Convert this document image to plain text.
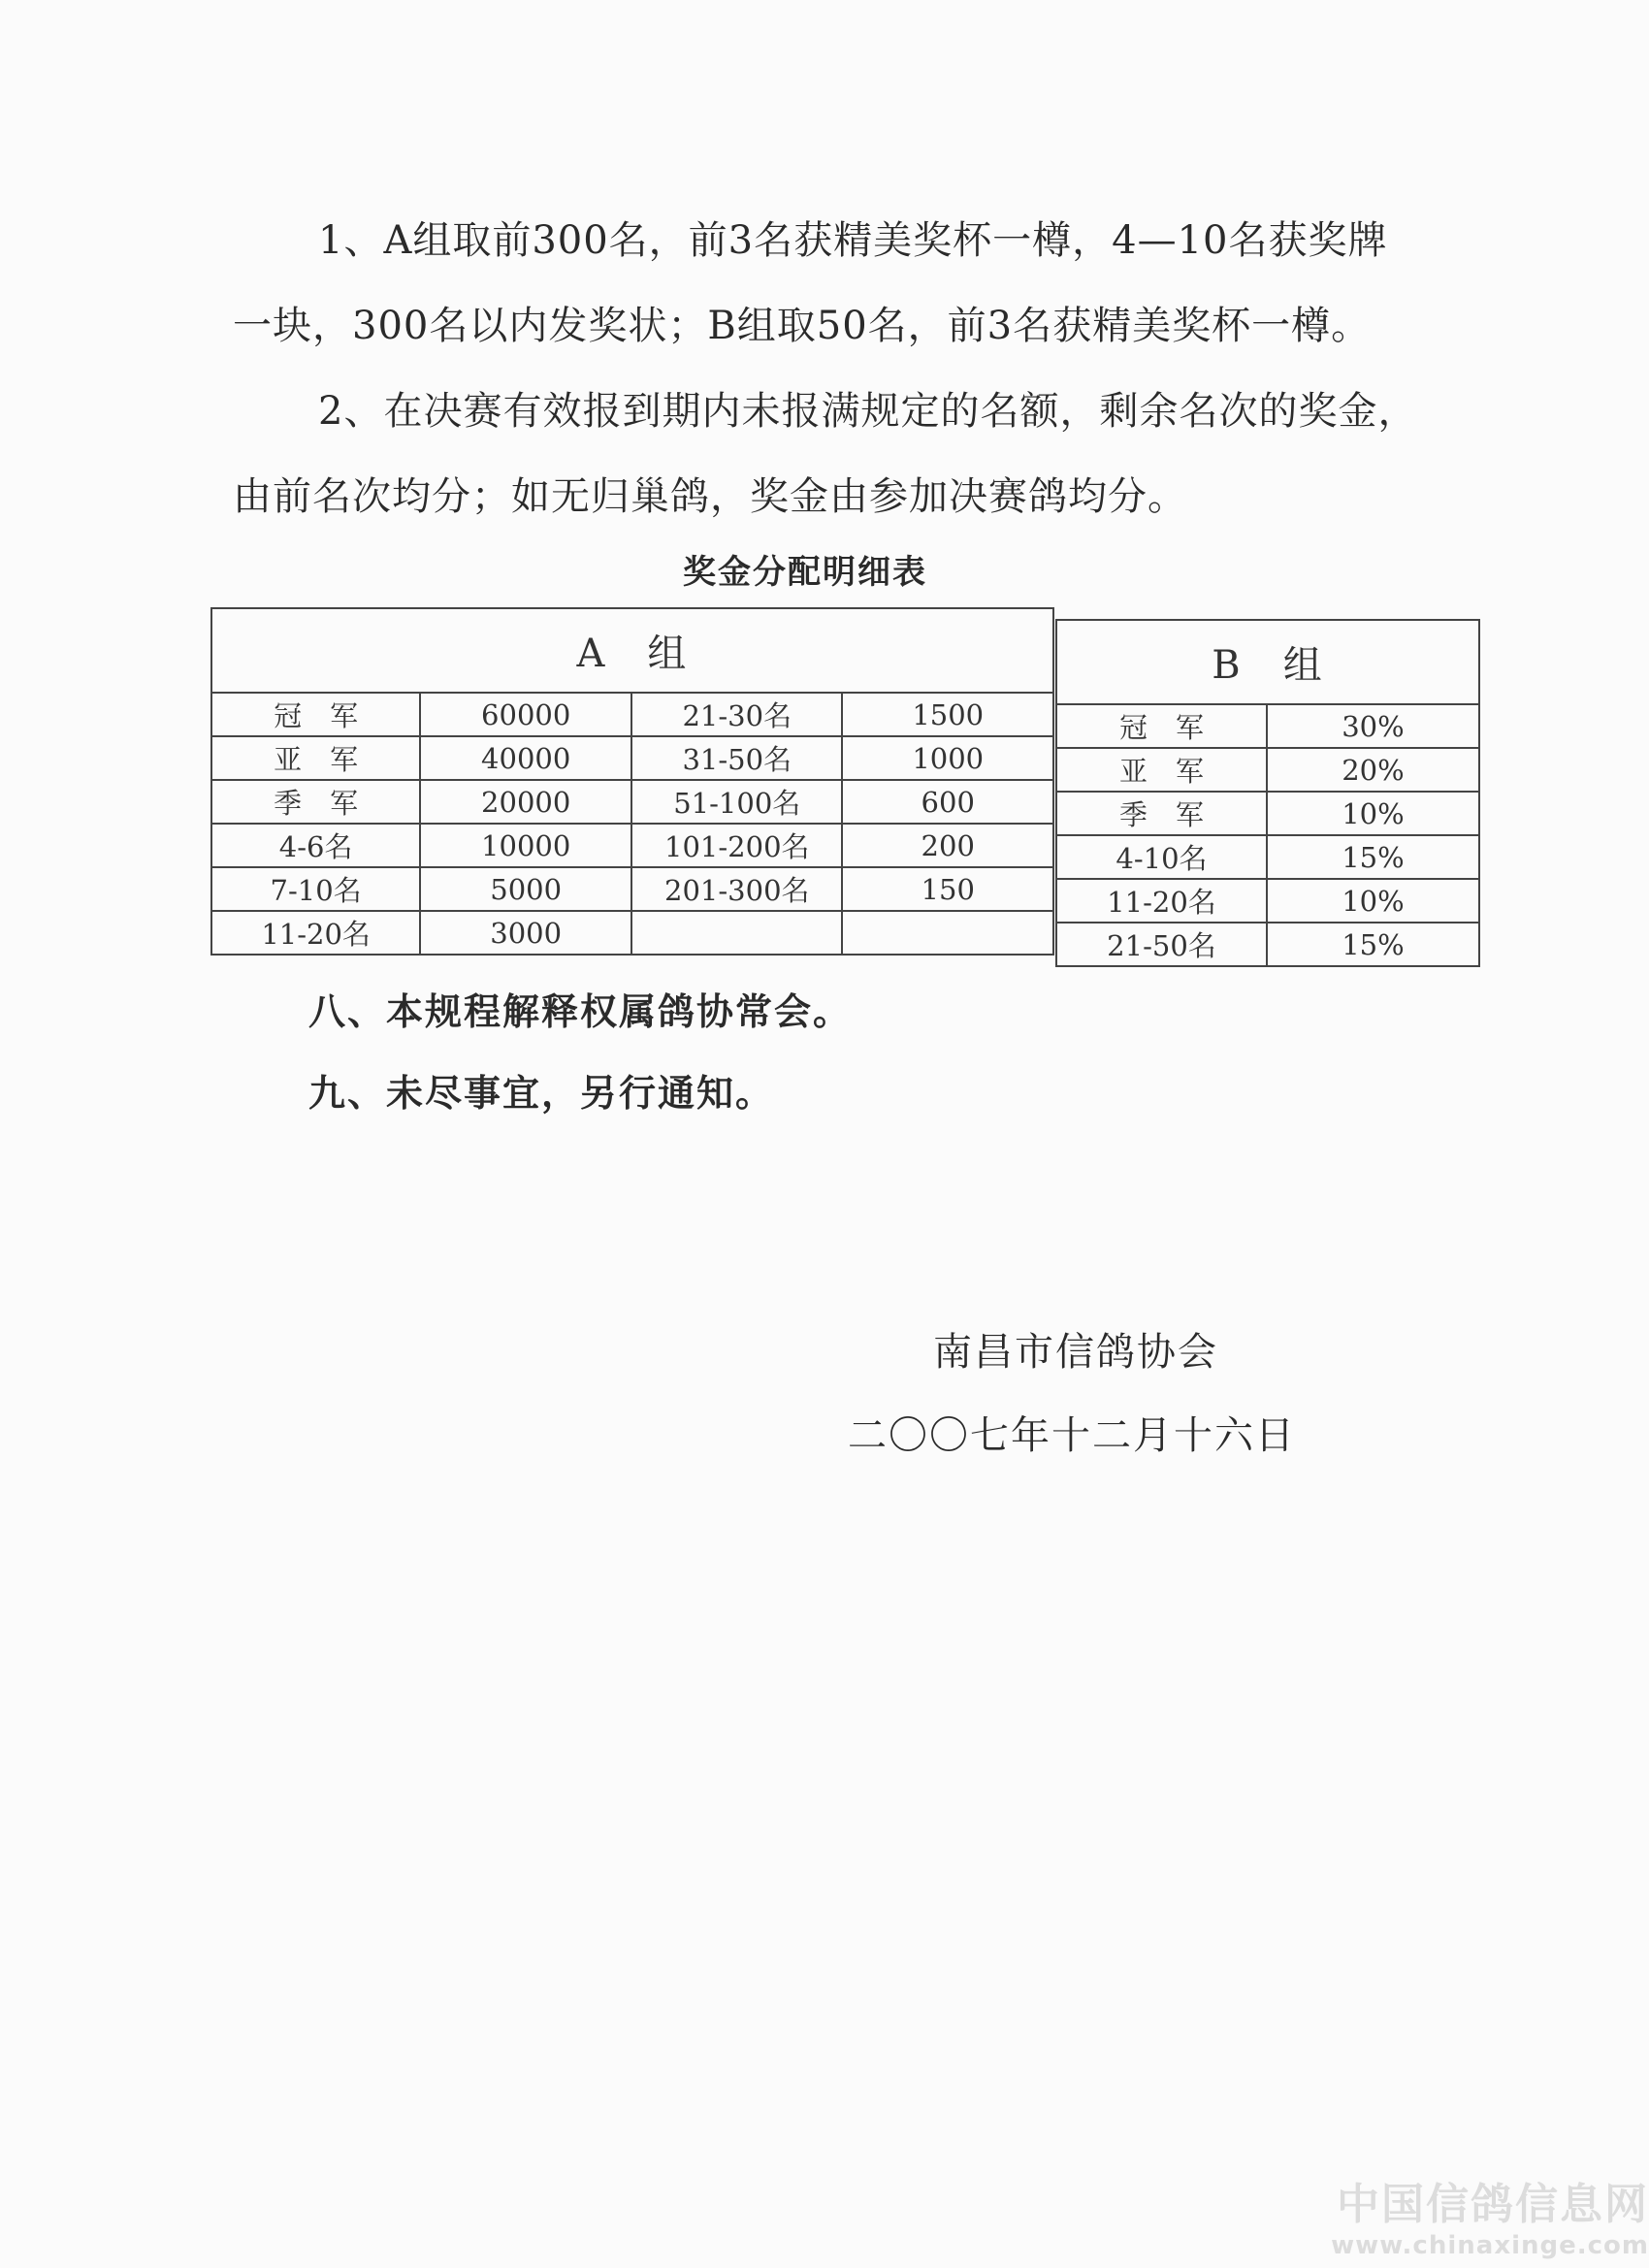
1、A组取前300名，前3名获精美奖杯一樽，4—10名获奖牌
一块，300名以内发奖状；B组取50名，前3名获精美奖杯一樽。

2、在决赛有效报到期内未报满规定的名额，剩余名次的奖金，
由前名次均分；如无归巢鸽，奖金由参加决赛鸽均分。

奖金分配明细表

A　组			
冠　军	60000	21-30名	1500
亚　军	40000	31-50名	1000
季　军	20000	51-100名	600
4-6名	10000	101-200名	200
7-10名	5000	201-300名	150
11-20名	3000		
B　组	
冠　军	30%
亚　军	20%
季　军	10%
4-10名	15%
11-20名	10%
21-50名	15%

八、本规程解释权属鸽协常会。

九、未尽事宜，另行通知。

南昌市信鸽协会

二〇〇七年十二月十六日

中国信鸽信息网
www.chinaxinge.com
